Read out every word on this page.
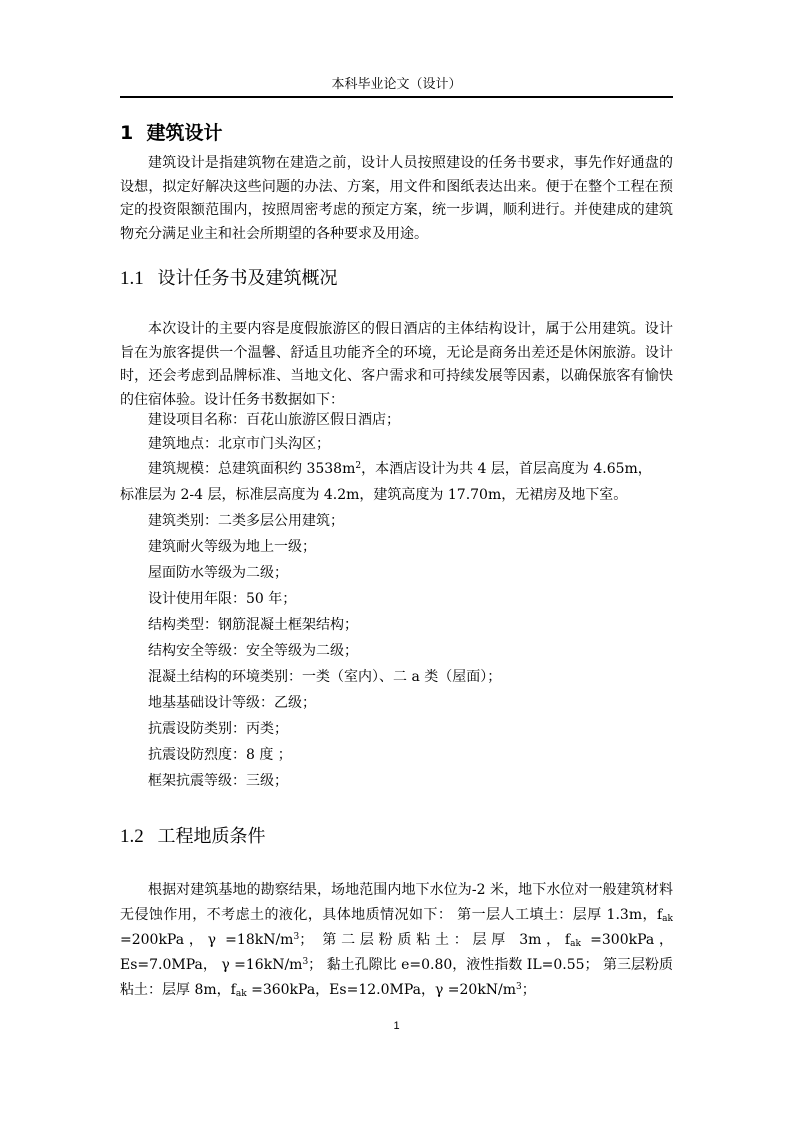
本科毕业论文（设计）
1 建筑设计
建筑设计是指建筑物在建造之前，设计人员按照建设的任务书要求，事先作好通盘的设想，拟定好解决这些问题的办法、方案，用文件和图纸表达出来。便于在整个工程在预定的投资限额范围内，按照周密考虑的预定方案，统一步调，顺利进行。并使建成的建筑物充分满足业主和社会所期望的各种要求及用途。
1.1 设计任务书及建筑概况
本次设计的主要内容是度假旅游区的假日酒店的主体结构设计，属于公用建筑。设计旨在为旅客提供一个温馨、舒适且功能齐全的环境，无论是商务出差还是休闲旅游。设计时，还会考虑到品牌标准、当地文化、客户需求和可持续发展等因素，以确保旅客有愉快的住宿体验。设计任务书数据如下：
建设项目名称：百花山旅游区假日酒店；
建筑地点：北京市门头沟区；
建筑规模：总建筑面积约 $3538m^2$，本酒店设计为共 4 层，首层高度为 4.65m，
标准层为 2-4 层，标准层高度为 4.2m，建筑高度为 17.70m，无裙房及地下室。
建筑类别：二类多层公用建筑；
建筑耐火等级为地上一级；
屋面防水等级为二级；
设计使用年限：50 年；
结构类型：钢筋混凝土框架结构；
结构安全等级：安全等级为二级；
混凝土结构的环境类别：一类（室内）、二 a 类（屋面）；
地基基础设计等级：乙级；
抗震设防类别：丙类；
抗震设防烈度：8 度 ；
框架抗震等级：三级；
1.2 工程地质条件
根据对建筑基地的勘察结果，场地范围内地下水位为-2 米，地下水位对一般建筑材料无侵蚀作用，不考虑土的液化，具体地质情况如下： 第一层人工填土：层厚 1.3m，$f_{ak} =200kPa$，$\gamma =18kN/m^3$； 第二层粉质粘土：层厚 3m，$f_{ak} =300kPa$，Es=7.0MPa， $\gamma =16kN/m^3$； 黏土孔隙比 e=0.80，液性指数 IL=0.55； 第三层粉质粘土：层厚 8m，$f_{ak} =360kPa$，Es=12.0MPa，$\gamma =20kN/m^3$；
1
